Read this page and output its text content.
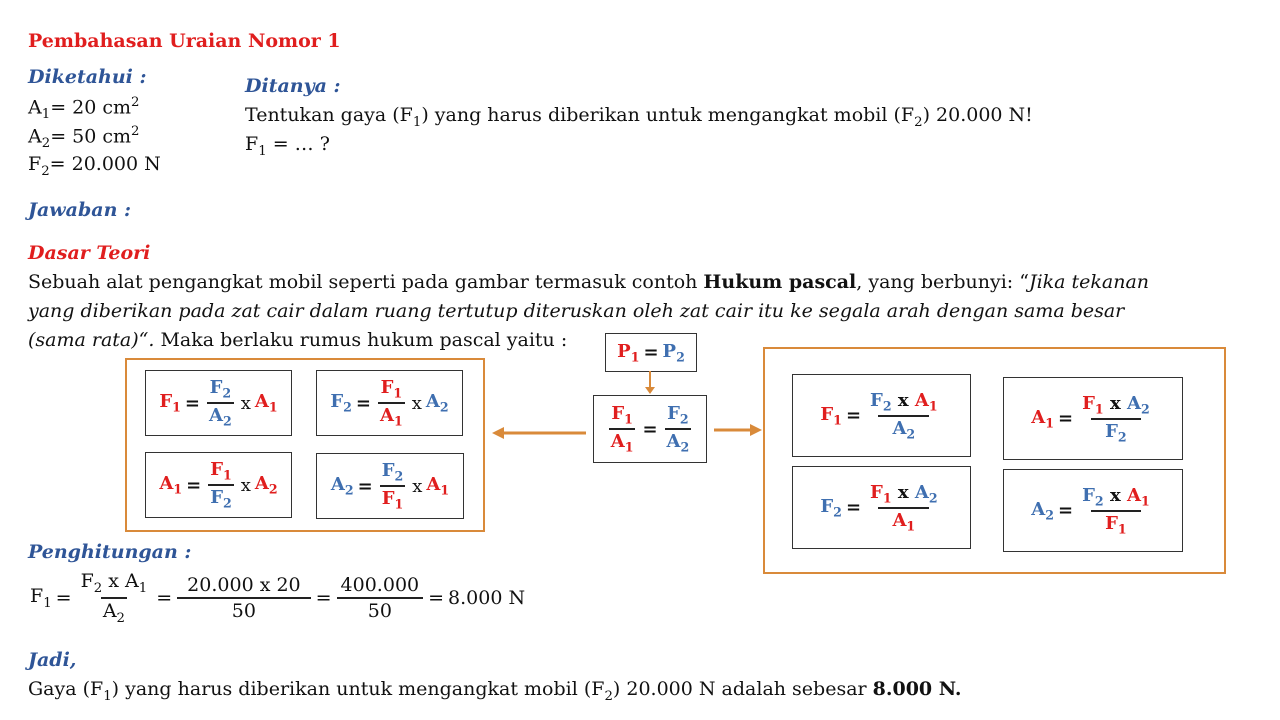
Pembahasan Uraian Nomor 1
Diketahui :
$A_1= 20$ $cm^2$
$A_2= 50$ $cm^2$
$F_2= 20.000$ N
Ditanya :
Tentukan gaya $(F_1)$ yang harus diberikan untuk mengangkat mobil $(F_2)$ 20.000 N!
$F_1$ = … ?
Jawaban :
Dasar Teori
Sebuah alat pengangkat mobil seperti pada gambar termasuk contoh Hukum pascal, yang berbunyi: “Jika tekanan
yang diberikan pada zat cair dalam ruang tertutup diteruskan oleh zat cair itu ke segala arah dengan sama besar
(sama rata)“. Maka berlaku rumus hukum pascal yaitu :
$F_1 = \frac{F_2}{A_2}$ x $A_1$	$F_2 = \frac{F_1}{A_1}$ x $A_2$
$A_1 = \frac{F_1}{F_2}$ x $A_2$	$A_2 = \frac{F_2}{F_1}$ x $A_1$
$P_1 = P_2$
$\frac{F_1}{A_1} = \frac{F_2}{A_2}$	$F_1 = \frac{F_2 x A_1}{A_2}$	$A_1 = \frac{F_1 x A_2}{F_2}$
$F_2 = \frac{F_1 x A_2}{A_1}$	$A_2 = \frac{F_2 x A_1}{F_1}$
Penghitungan :
$F_1 = \frac{F_2 x A_1}{A_2} = \frac{20.000 x 20}{50} = \frac{400.000}{50} = 8.000$ N
Jadi,
Gaya $(F_1)$ yang harus diberikan untuk mengangkat mobil $(F_2)$ 20.000 N adalah sebesar 8.000 N.
